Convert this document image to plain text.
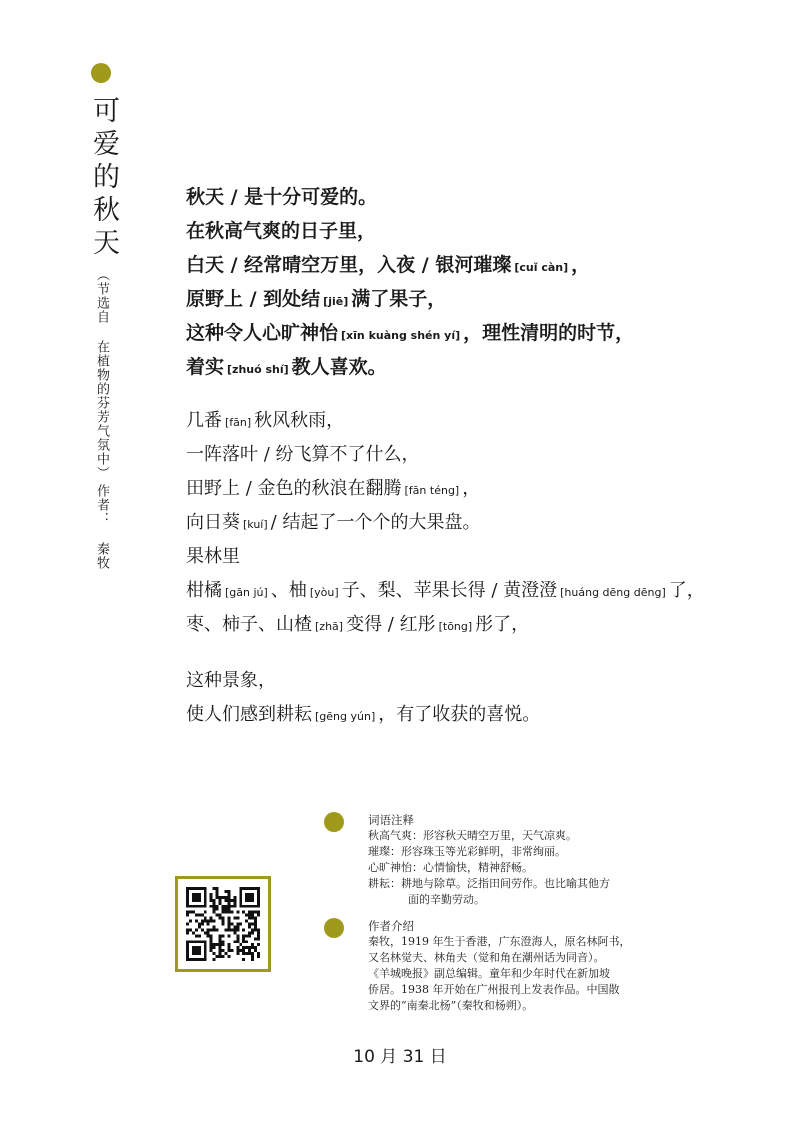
可爱的秋天
（节选自 在植物的芬芳气氛中）
作者： 秦牧
秋天 / 是十分可爱的。
在秋高气爽的日子里，
白天 / 经常晴空万里，入夜 / 银河璀璨 [cuǐ càn] ，
原野上 / 到处结 [jiē] 满了果子，
这种令人心旷神怡 [xīn kuàng shén yí] ，理性清明的时节，
着实 [zhuó shí] 教人喜欢。
几番 [fān] 秋风秋雨，
一阵落叶 / 纷飞算不了什么，
田野上 / 金色的秋浪在翻腾 [fān téng] ，
向日葵 [kuí] / 结起了一个个的大果盘。
果林里
柑橘 [gān jú] 、柚 [yòu] 子、梨、苹果长得 / 黄澄澄 [huáng dēng dēng] 了，
枣、柿子、山楂 [zhā] 变得 / 红彤 [tōng] 彤了，
这种景象，
使人们感到耕耘 [gēng yún] ，有了收获的喜悦。
词语注释
秋高气爽：形容秋天晴空万里，天气凉爽。
璀璨：形容珠玉等光彩鲜明，非常绚丽。
心旷神怡：心情愉快，精神舒畅。
耕耘：耕地与除草。泛指田间劳作。也比喻其他方
面的辛勤劳动。
作者介绍
秦牧，1919 年生于香港，广东澄海人，原名林阿书，
又名林觉夫、林角夫（觉和角在潮州话为同音）。
《羊城晚报》副总编辑。童年和少年时代在新加坡
侨居。1938 年开始在广州报刊上发表作品。中国散
文界的“南秦北杨”（秦牧和杨朔）。
10 月 31 日
